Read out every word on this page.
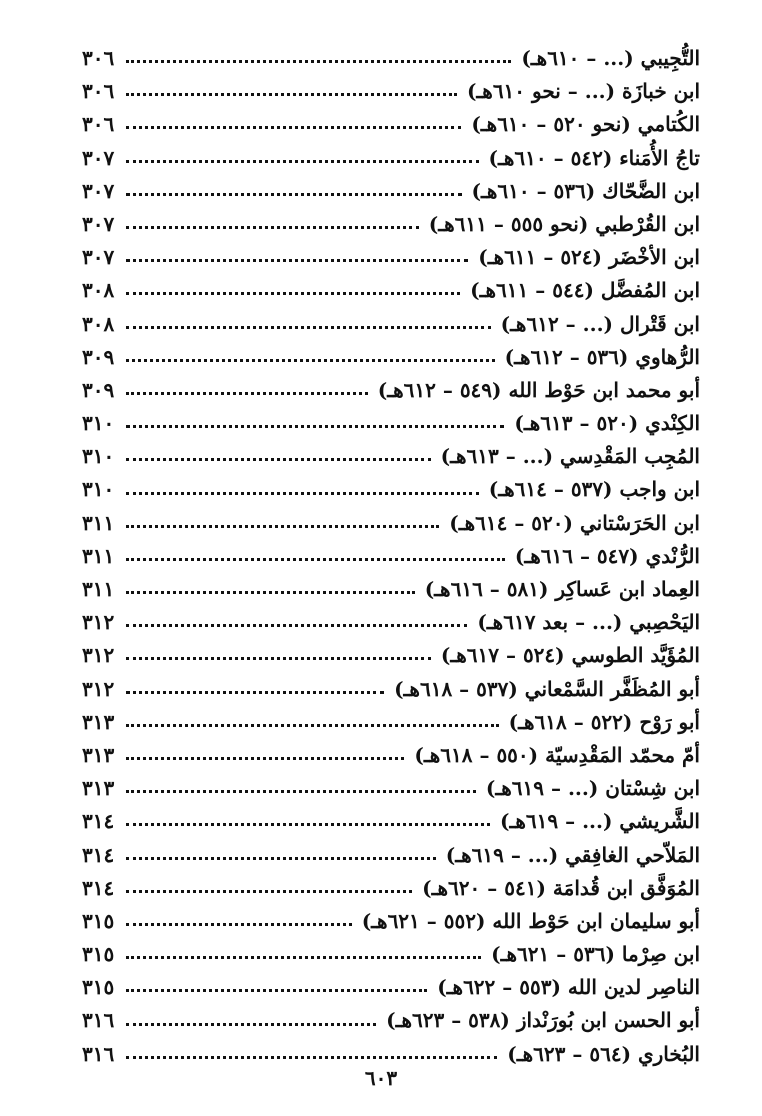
التُّجِيبي (... – ٦١٠هـ)
٣٠٦
ابن خبازَة (... – نحو ٦١٠هـ)
٣٠٦
الكُتامي (نحو ٥٢٠ – ٦١٠هـ)
٣٠٦
تاجُ الأُمَناء (٥٤٢ – ٦١٠هـ)
٣٠٧
ابن الضَّحّاك (٥٣٦ – ٦١٠هـ)
٣٠٧
ابن القُرْطبي (نحو ٥٥٥ – ٦١١هـ)
٣٠٧
ابن الأخْضَر (٥٢٤ – ٦١١هـ)
٣٠٧
ابن المُفضَّل (٥٤٤ – ٦١١هـ)
٣٠٨
ابن قَتْرال (... – ٦١٢هـ)
٣٠٨
الرُّهاوي (٥٣٦ – ٦١٢هـ)
٣٠٩
أبو محمد ابن حَوْط الله (٥٤٩ – ٦١٢هـ)
٣٠٩
الكِنْدي (٥٢٠ – ٦١٣هـ)
٣١٠
المُجِب المَقْدِسي (... – ٦١٣هـ)
٣١٠
ابن واجب (٥٣٧ – ٦١٤هـ)
٣١٠
ابن الحَرَسْتاني (٥٢٠ – ٦١٤هـ)
٣١١
الرُّنْدي (٥٤٧ – ٦١٦هـ)
٣١١
العِماد ابن عَساكِر (٥٨١ – ٦١٦هـ)
٣١١
اليَحْصِبي (... – بعد ٦١٧هـ)
٣١٢
المُؤَيَّد الطوسي (٥٢٤ – ٦١٧هـ)
٣١٢
أبو المُظَفَّر السَّمْعاني (٥٣٧ – ٦١٨هـ)
٣١٢
أبو رَوْح (٥٢٢ – ٦١٨هـ)
٣١٣
أمّ محمّد المَقْدِسيّة (٥٥٠ – ٦١٨هـ)
٣١٣
ابن شِسْتان (... – ٦١٩هـ)
٣١٣
الشَّريشي (... – ٦١٩هـ)
٣١٤
المَلاّحي الغافِقي (... – ٦١٩هـ)
٣١٤
المُوَفَّق ابن قُدامَة (٥٤١ – ٦٢٠هـ)
٣١٤
أبو سليمان ابن حَوْط الله (٥٥٢ – ٦٢١هـ)
٣١٥
ابن صِرْما (٥٣٦ – ٦٢١هـ)
٣١٥
الناصِر لدين الله (٥٥٣ – ٦٢٢هـ)
٣١٥
أبو الحسن ابن بُورَنْداز (٥٣٨ – ٦٢٣هـ)
٣١٦
البُخاري (٥٦٤ – ٦٢٣هـ)
٣١٦
٦٠٣
